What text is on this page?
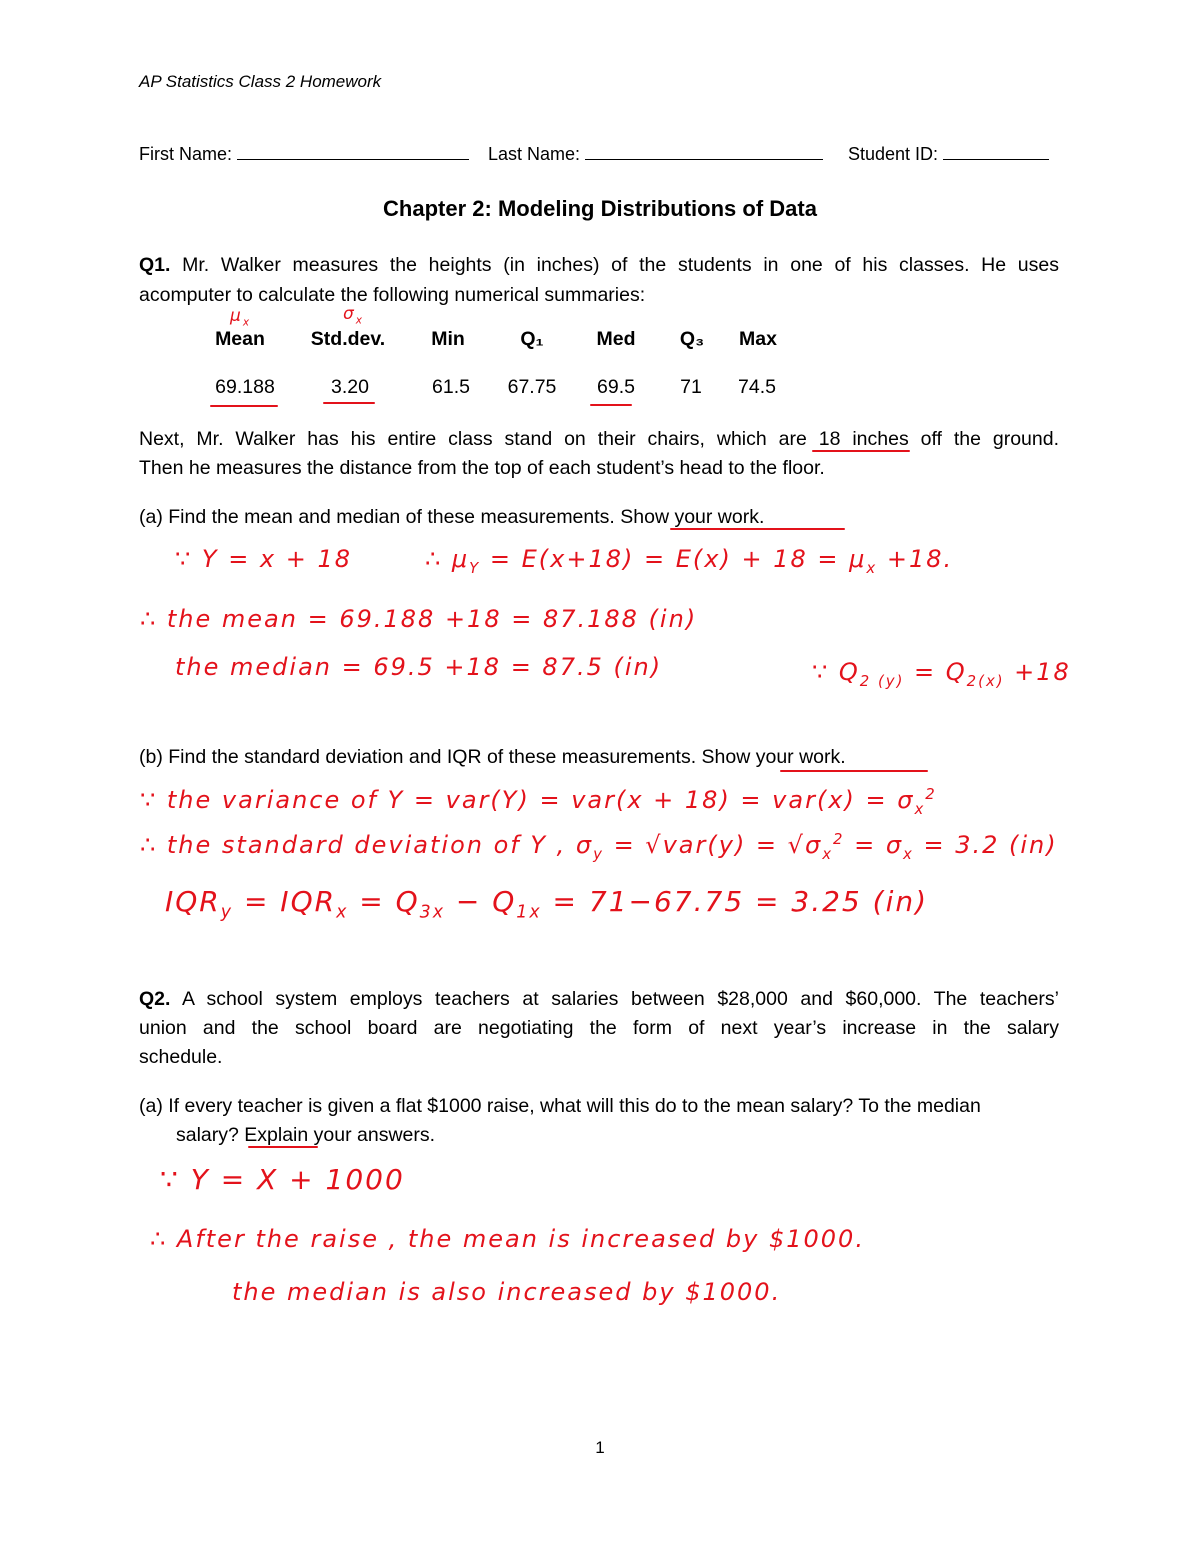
AP Statistics Class 2 Homework
First Name:	Last Name:	Student ID:
Chapter 2: Modeling Distributions of Data
Q1. Mr. Walker measures the heights (in inches) of the students in one of his classes. He uses
acomputer to calculate the following numerical summaries:
$\mu_x$	$\sigma_x$
Mean	Std.dev.	Min	Q₁	Med	Q₃	Max
69.188	3.20	61.5	67.75	69.5	71	74.5
Next, Mr. Walker has his entire class stand on their chairs, which are 18 inches off the ground.
Then he measures the distance from the top of each student’s head to the floor.
(a) Find the mean and median of these measurements. Show your work.
∵ Y = x + 18	∴ $\mu_Y = E(x+18) = E(x) + 18 = \mu_x +18$.
∴ the mean = 69.188 +18 = 87.188 (in)
the median = 69.5 +18 = 87.5 (in)	∵ $Q_{2 (y)} = Q_{2(x)} +18$
(b) Find the standard deviation and IQR of these measurements. Show your work.
∵ the variance of $Y = var(Y) = var(x + 18) = var(x) = \sigma_x^2$
∴ the standard deviation of Y , $\sigma_y = √var(y) = √\sigma_x^2 = \sigma_x = 3.2$ (in)
$IQR_y = IQR_x = Q_{3x} - Q_{1x} = 71-67.75 = 3.25$ (in)
Q2. A school system employs teachers at salaries between $28,000 and $60,000. The teachers’
union and the school board are negotiating the form of next year’s increase in the salary
schedule.
(a) If every teacher is given a flat $1000 raise, what will this do to the mean salary? To the median
salary? Explain your answers.
∵ Y = X + 1000
∴ After the raise , the mean is increased by $1000.
the median is also increased by $1000.
1
